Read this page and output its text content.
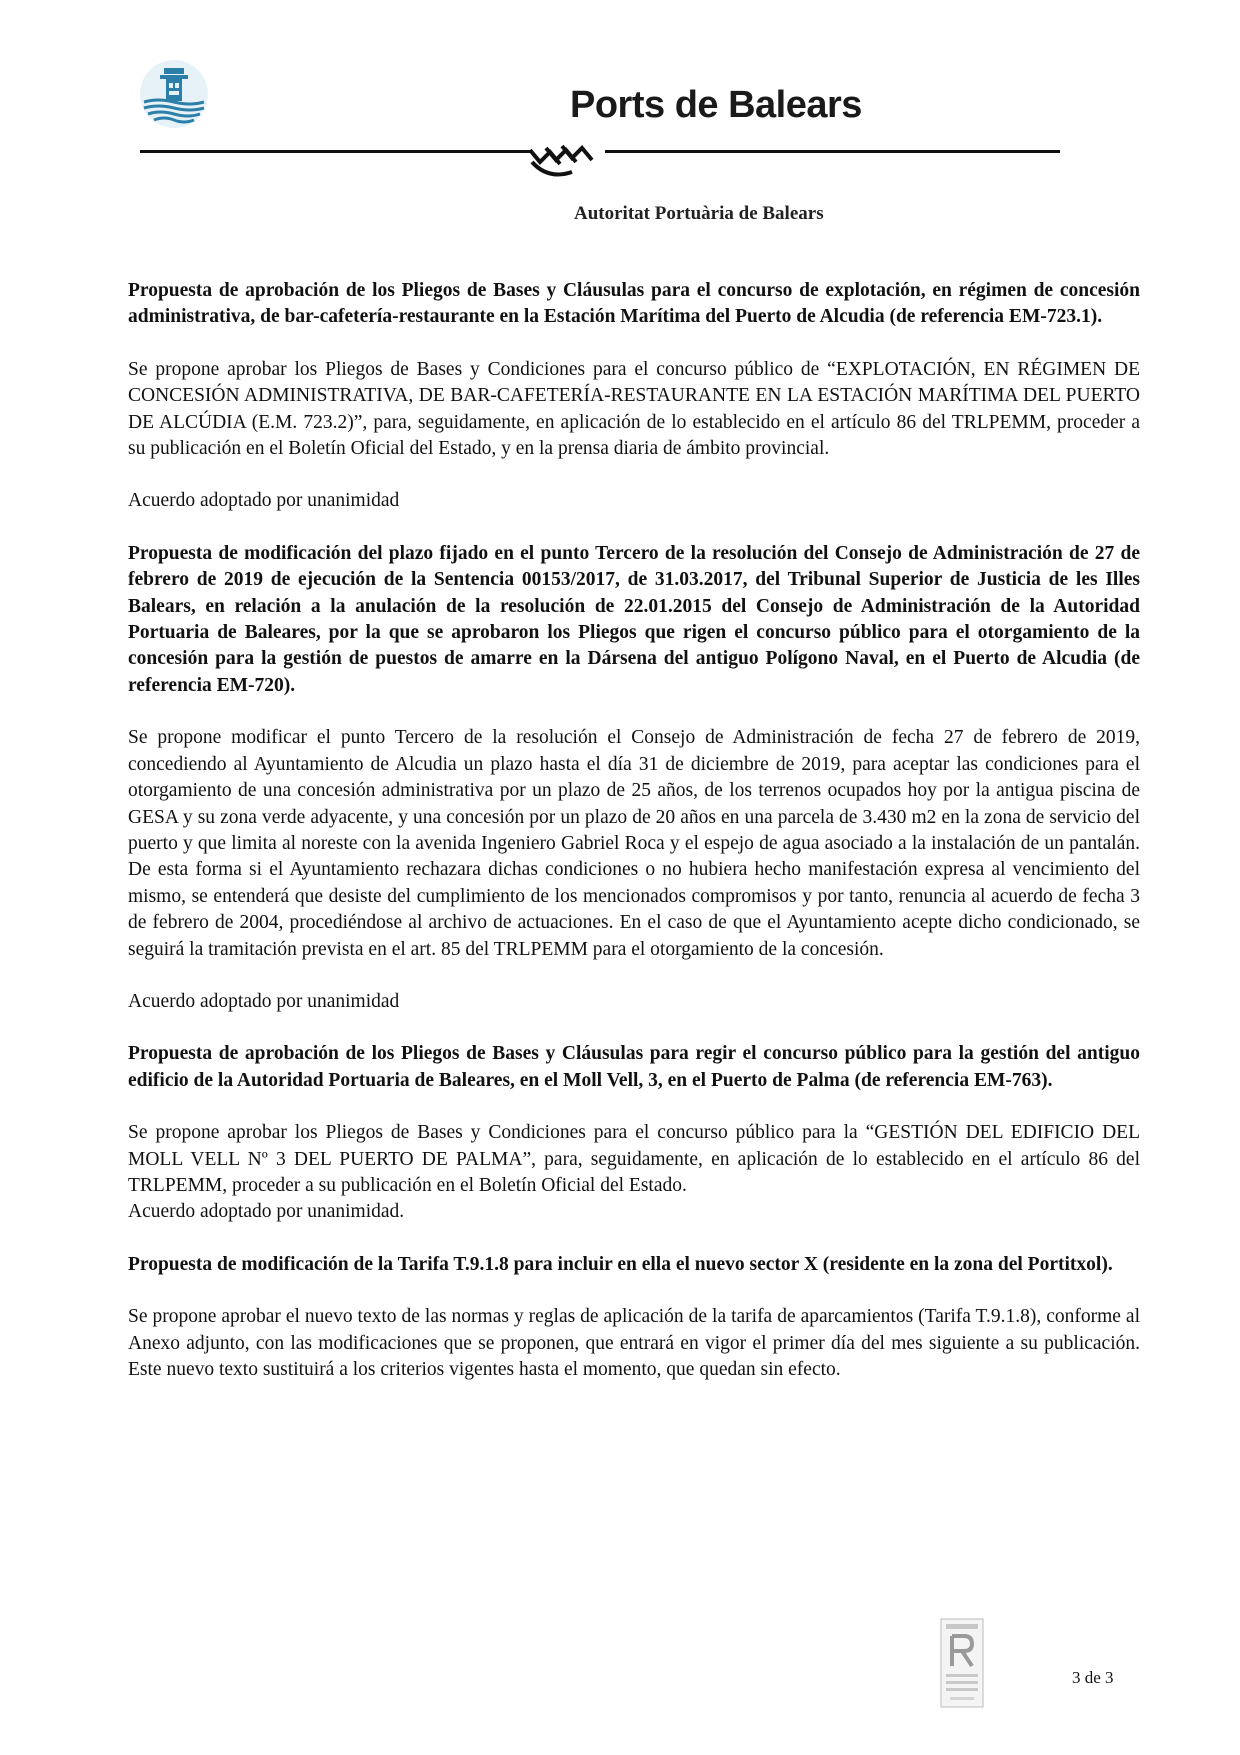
Ports de Balears
Autoritat Portuària de Balears

Propuesta de aprobación de los Pliegos de Bases y Cláusulas para el concurso de explotación, en régimen de concesión administrativa, de bar-cafetería-restaurante en la Estación Marítima del Puerto de Alcudia (de referencia EM-723.1).

Se propone aprobar los Pliegos de Bases y Condiciones para el concurso público de “EXPLOTACIÓN, EN RÉGIMEN DE CONCESIÓN ADMINISTRATIVA, DE BAR-CAFETERÍA-RESTAURANTE EN LA ESTACIÓN MARÍTIMA DEL PUERTO DE ALCÚDIA (E.M. 723.2)”, para, seguidamente, en aplicación de lo establecido en el artículo 86 del TRLPEMM, proceder a su publicación en el Boletín Oficial del Estado, y en la prensa diaria de ámbito provincial.

Acuerdo adoptado por unanimidad

Propuesta de modificación del plazo fijado en el punto Tercero de la resolución del Consejo de Administración de 27 de febrero de 2019 de ejecución de la Sentencia 00153/2017, de 31.03.2017, del Tribunal Superior de Justicia de les Illes Balears, en relación a la anulación de la resolución de 22.01.2015 del Consejo de Administración de la Autoridad Portuaria de Baleares, por la que se aprobaron los Pliegos que rigen el concurso público para el otorgamiento de la concesión para la gestión de puestos de amarre en la Dársena del antiguo Polígono Naval, en el Puerto de Alcudia (de referencia EM-720).

Se propone modificar el punto Tercero de la resolución el Consejo de Administración de fecha 27 de febrero de 2019, concediendo al Ayuntamiento de Alcudia un plazo hasta el día 31 de diciembre de 2019, para aceptar las condiciones para el otorgamiento de una concesión administrativa por un plazo de 25 años, de los terrenos ocupados hoy por la antigua piscina de GESA y su zona verde adyacente, y una concesión por un plazo de 20 años en una parcela de 3.430 m2 en la zona de servicio del puerto y que limita al noreste con la avenida Ingeniero Gabriel Roca y el espejo de agua asociado a la instalación de un pantalán. De esta forma si el Ayuntamiento rechazara dichas condiciones o no hubiera hecho manifestación expresa al vencimiento del mismo, se entenderá que desiste del cumplimiento de los mencionados compromisos y por tanto, renuncia al acuerdo de fecha 3 de febrero de 2004, procediéndose al archivo de actuaciones. En el caso de que el Ayuntamiento acepte dicho condicionado, se seguirá la tramitación prevista en el art. 85 del TRLPEMM para el otorgamiento de la concesión.

Acuerdo adoptado por unanimidad

Propuesta de aprobación de los Pliegos de Bases y Cláusulas para regir el concurso público para la gestión del antiguo edificio de la Autoridad Portuaria de Baleares, en el Moll Vell, 3, en el Puerto de Palma (de referencia EM-763).

Se propone aprobar los Pliegos de Bases y Condiciones para el concurso público para la “GESTIÓN DEL EDIFICIO DEL MOLL VELL Nº 3 DEL PUERTO DE PALMA”, para, seguidamente, en aplicación de lo establecido en el artículo 86 del TRLPEMM, proceder a su publicación en el Boletín Oficial del Estado.

Acuerdo adoptado por unanimidad.

Propuesta de modificación de la Tarifa T.9.1.8 para incluir en ella el nuevo sector X (residente en la zona del Portitxol).

Se propone aprobar el nuevo texto de las normas y reglas de aplicación de la tarifa de aparcamientos (Tarifa T.9.1.8), conforme al Anexo adjunto, con las modificaciones que se proponen, que entrará en vigor el primer día del mes siguiente a su publicación. Este nuevo texto sustituirá a los criterios vigentes hasta el momento, que quedan sin efecto.

3 de 3
